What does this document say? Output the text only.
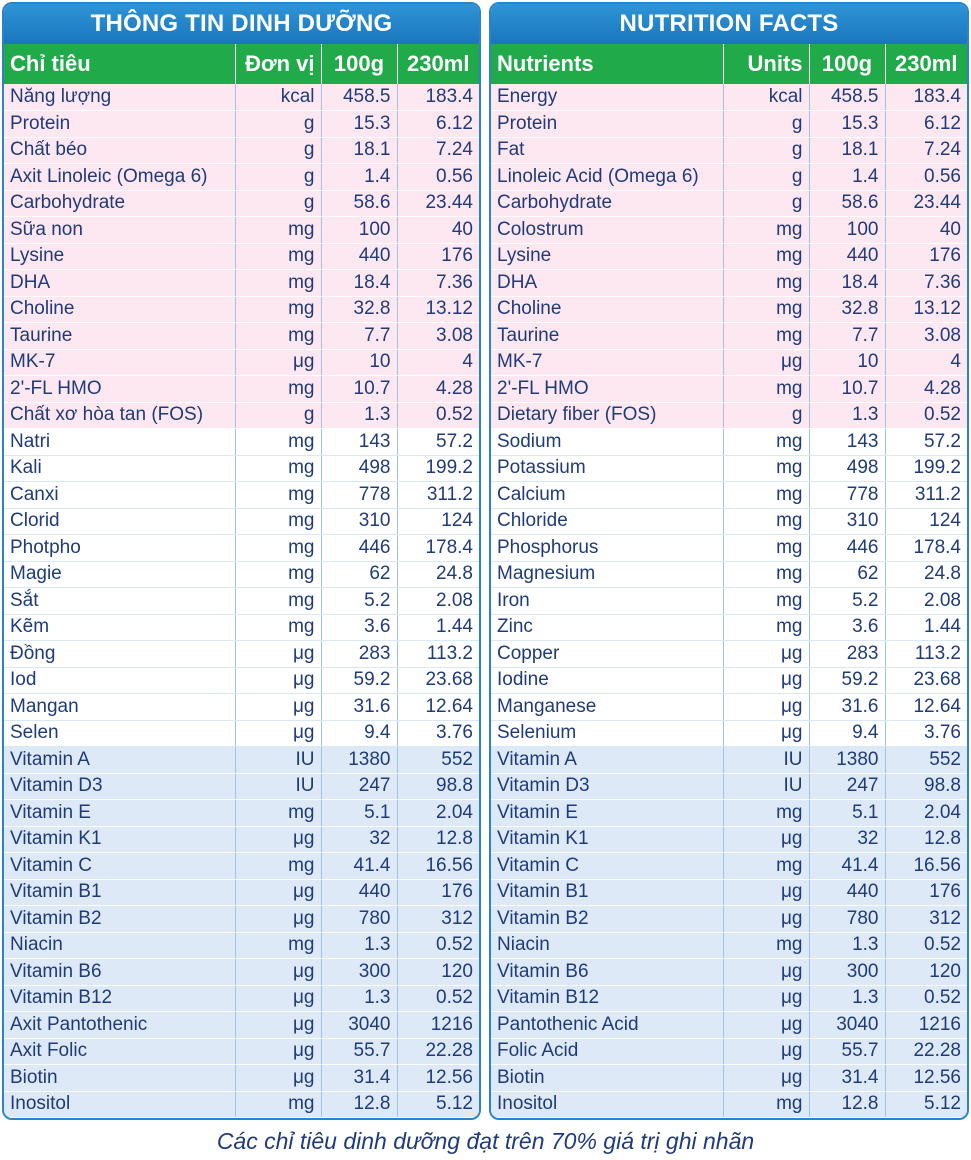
THÔNG TIN DINH DƯỠNG
Chỉ tiêu	Đơn vị	100g	230ml
Năng lượng	kcal	458.5	183.4
Protein	g	15.3	6.12
Chất béo	g	18.1	7.24
Axit Linoleic (Omega 6)	g	1.4	0.56
Carbohydrate	g	58.6	23.44
Sữa non	mg	100	40
Lysine	mg	440	176
DHA	mg	18.4	7.36
Choline	mg	32.8	13.12
Taurine	mg	7.7	3.08
MK-7	μg	10	4
2'-FL HMO	mg	10.7	4.28
Chất xơ hòa tan (FOS)	g	1.3	0.52
Natri	mg	143	57.2
Kali	mg	498	199.2
Canxi	mg	778	311.2
Clorid	mg	310	124
Photpho	mg	446	178.4
Magie	mg	62	24.8
Sắt	mg	5.2	2.08
Kẽm	mg	3.6	1.44
Đồng	μg	283	113.2
Iod	μg	59.2	23.68
Mangan	μg	31.6	12.64
Selen	μg	9.4	3.76
Vitamin A	IU	1380	552
Vitamin D3	IU	247	98.8
Vitamin E	mg	5.1	2.04
Vitamin K1	μg	32	12.8
Vitamin C	mg	41.4	16.56
Vitamin B1	μg	440	176
Vitamin B2	μg	780	312
Niacin	mg	1.3	0.52
Vitamin B6	μg	300	120
Vitamin B12	μg	1.3	0.52
Axit Pantothenic	μg	3040	1216
Axit Folic	μg	55.7	22.28
Biotin	μg	31.4	12.56
Inositol	mg	12.8	5.12
NUTRITION FACTS
Nutrients	Units	100g	230ml
Energy	kcal	458.5	183.4
Protein	g	15.3	6.12
Fat	g	18.1	7.24
Linoleic Acid (Omega 6)	g	1.4	0.56
Carbohydrate	g	58.6	23.44
Colostrum	mg	100	40
Lysine	mg	440	176
DHA	mg	18.4	7.36
Choline	mg	32.8	13.12
Taurine	mg	7.7	3.08
MK-7	μg	10	4
2'-FL HMO	mg	10.7	4.28
Dietary fiber (FOS)	g	1.3	0.52
Sodium	mg	143	57.2
Potassium	mg	498	199.2
Calcium	mg	778	311.2
Chloride	mg	310	124
Phosphorus	mg	446	178.4
Magnesium	mg	62	24.8
Iron	mg	5.2	2.08
Zinc	mg	3.6	1.44
Copper	μg	283	113.2
Iodine	μg	59.2	23.68
Manganese	μg	31.6	12.64
Selenium	μg	9.4	3.76
Vitamin A	IU	1380	552
Vitamin D3	IU	247	98.8
Vitamin E	mg	5.1	2.04
Vitamin K1	μg	32	12.8
Vitamin C	mg	41.4	16.56
Vitamin B1	μg	440	176
Vitamin B2	μg	780	312
Niacin	mg	1.3	0.52
Vitamin B6	μg	300	120
Vitamin B12	μg	1.3	0.52
Pantothenic Acid	μg	3040	1216
Folic Acid	μg	55.7	22.28
Biotin	μg	31.4	12.56
Inositol	mg	12.8	5.12
Các chỉ tiêu dinh dưỡng đạt trên 70% giá trị ghi nhãn
